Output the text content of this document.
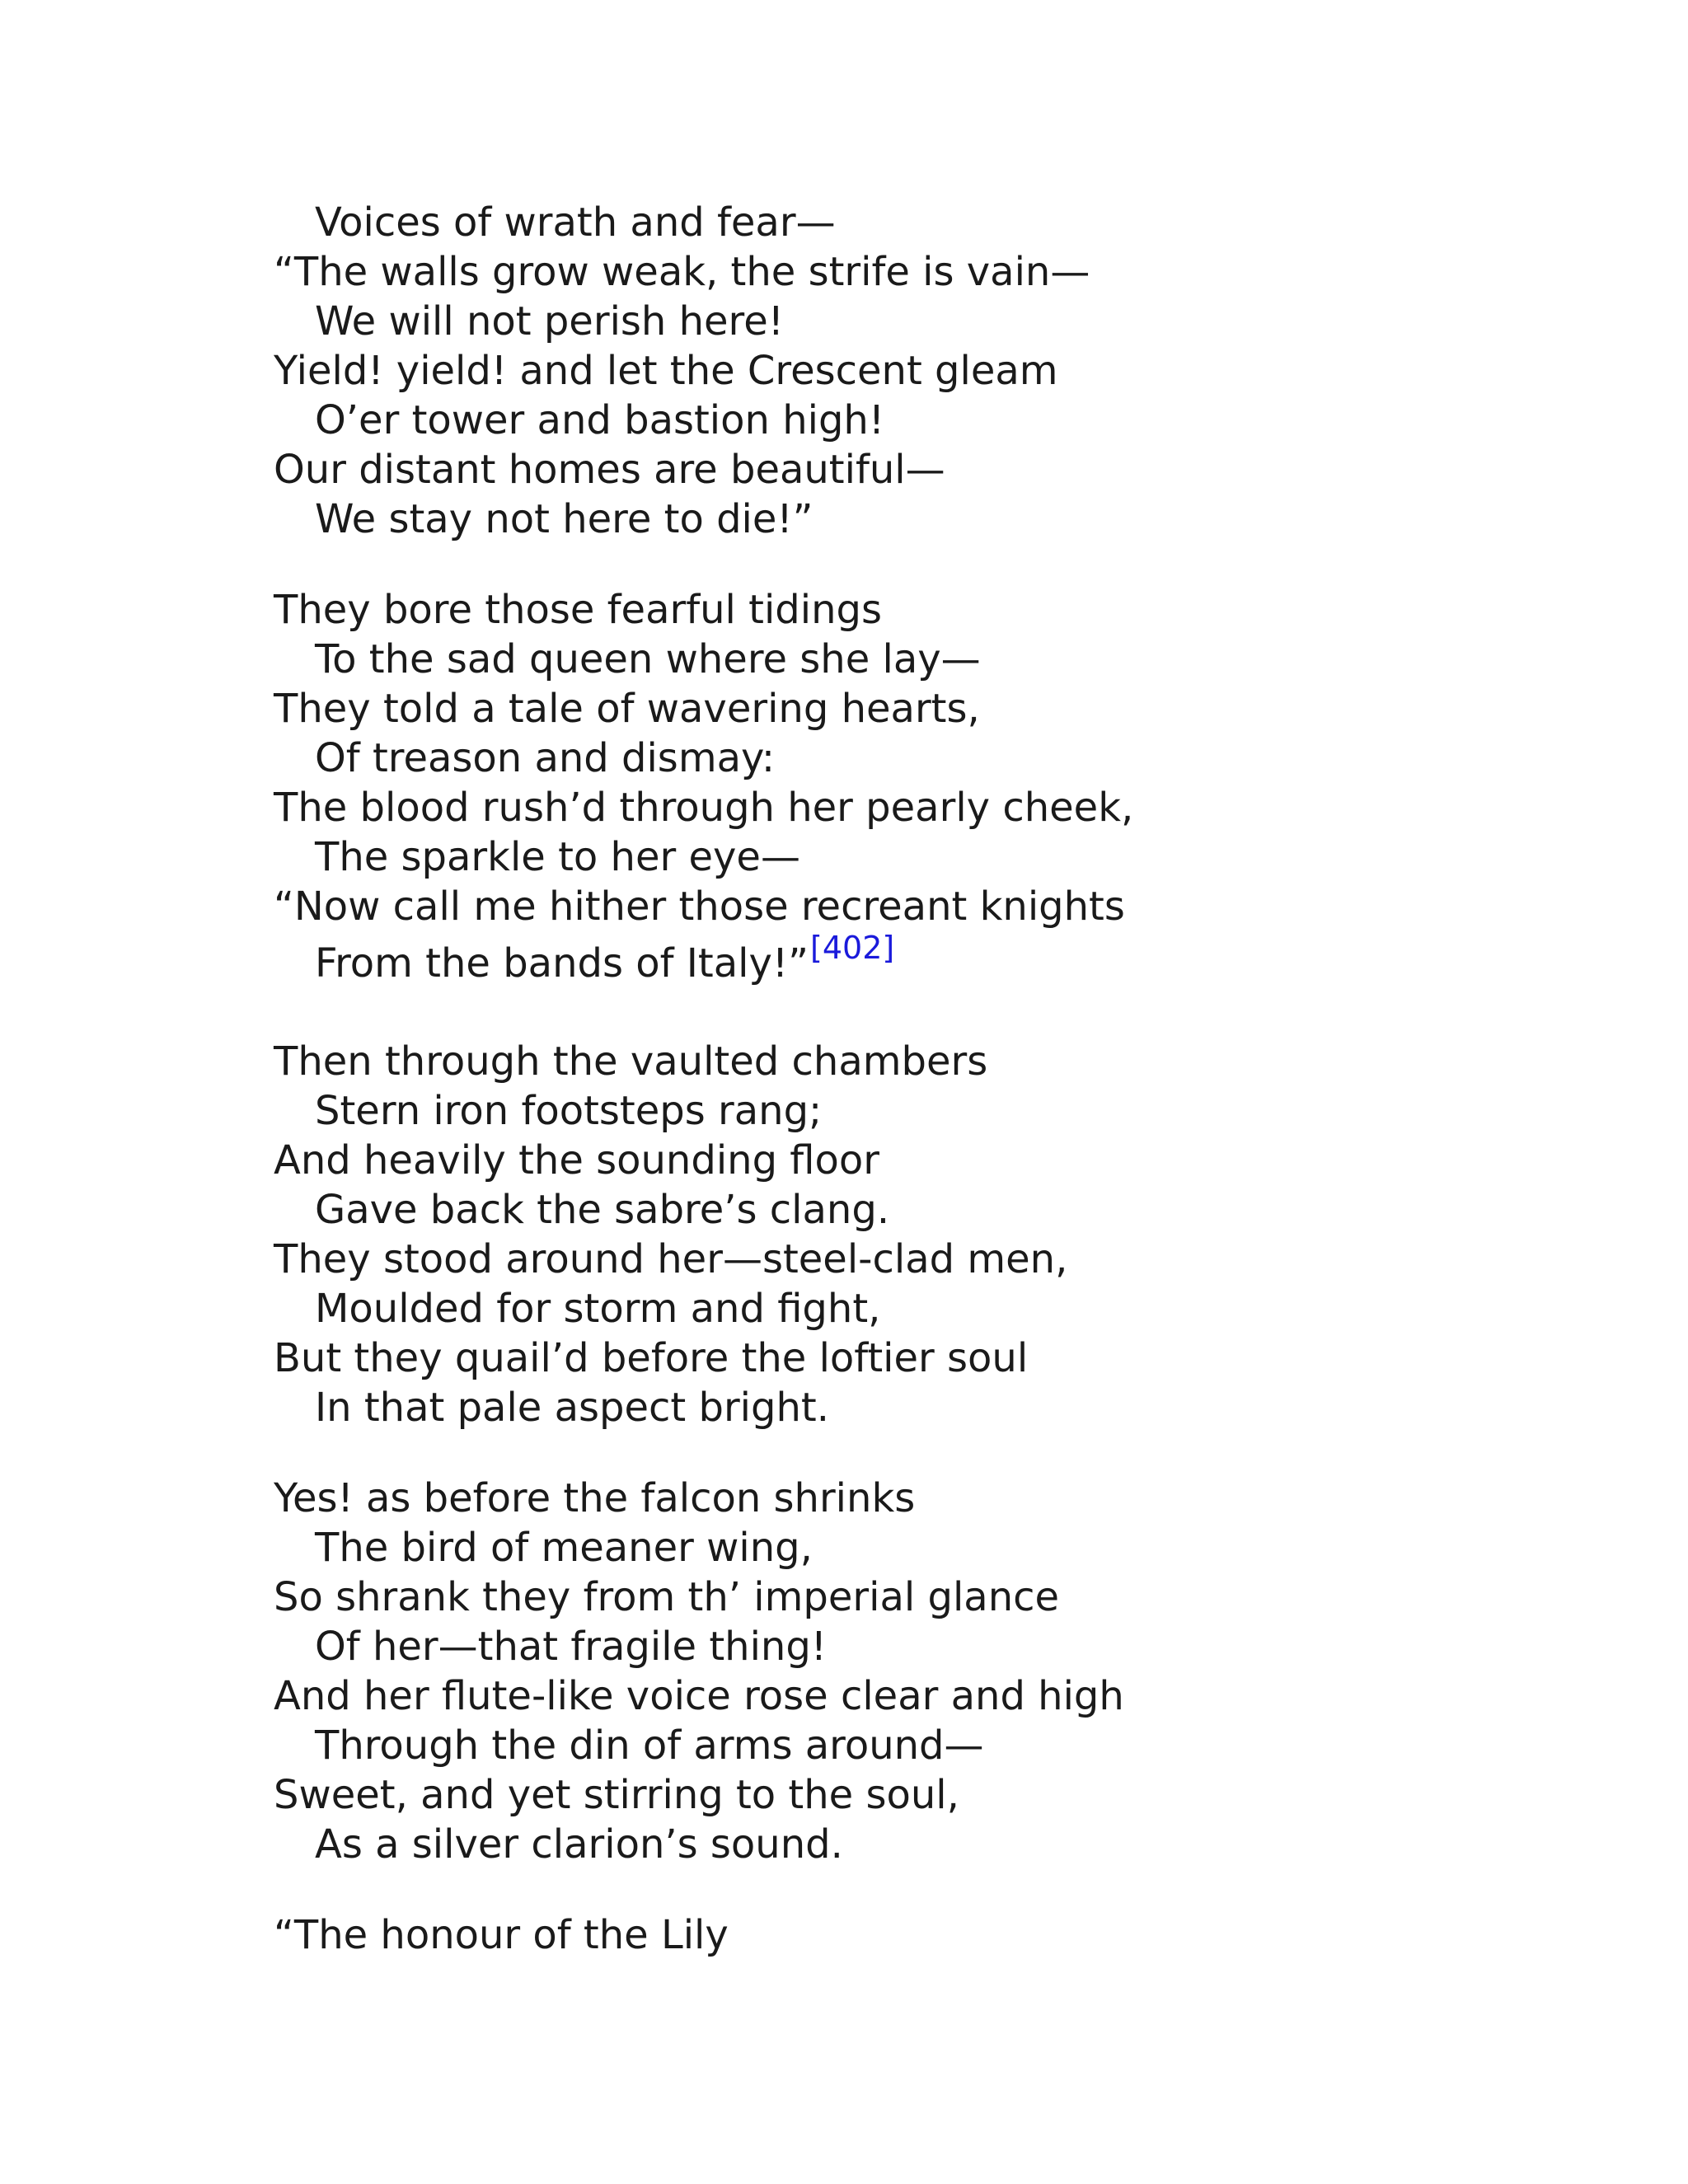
Voices of wrath and fear—
“The walls grow weak, the strife is vain—
We will not perish here!
Yield! yield! and let the Crescent gleam
O’er tower and bastion high!
Our distant homes are beautiful—
We stay not here to die!”
They bore those fearful tidings
To the sad queen where she lay—
They told a tale of wavering hearts,
Of treason and dismay:
The blood rush’d through her pearly cheek,
The sparkle to her eye—
“Now call me hither those recreant knights
From the bands of Italy!”[402]
Then through the vaulted chambers
Stern iron footsteps rang;
And heavily the sounding floor
Gave back the sabre’s clang.
They stood around her—steel-clad men,
Moulded for storm and fight,
But they quail’d before the loftier soul
In that pale aspect bright.
Yes! as before the falcon shrinks
The bird of meaner wing,
So shrank they from th’ imperial glance
Of her—that fragile thing!
And her flute-like voice rose clear and high
Through the din of arms around—
Sweet, and yet stirring to the soul,
As a silver clarion’s sound.
“The honour of the Lily
